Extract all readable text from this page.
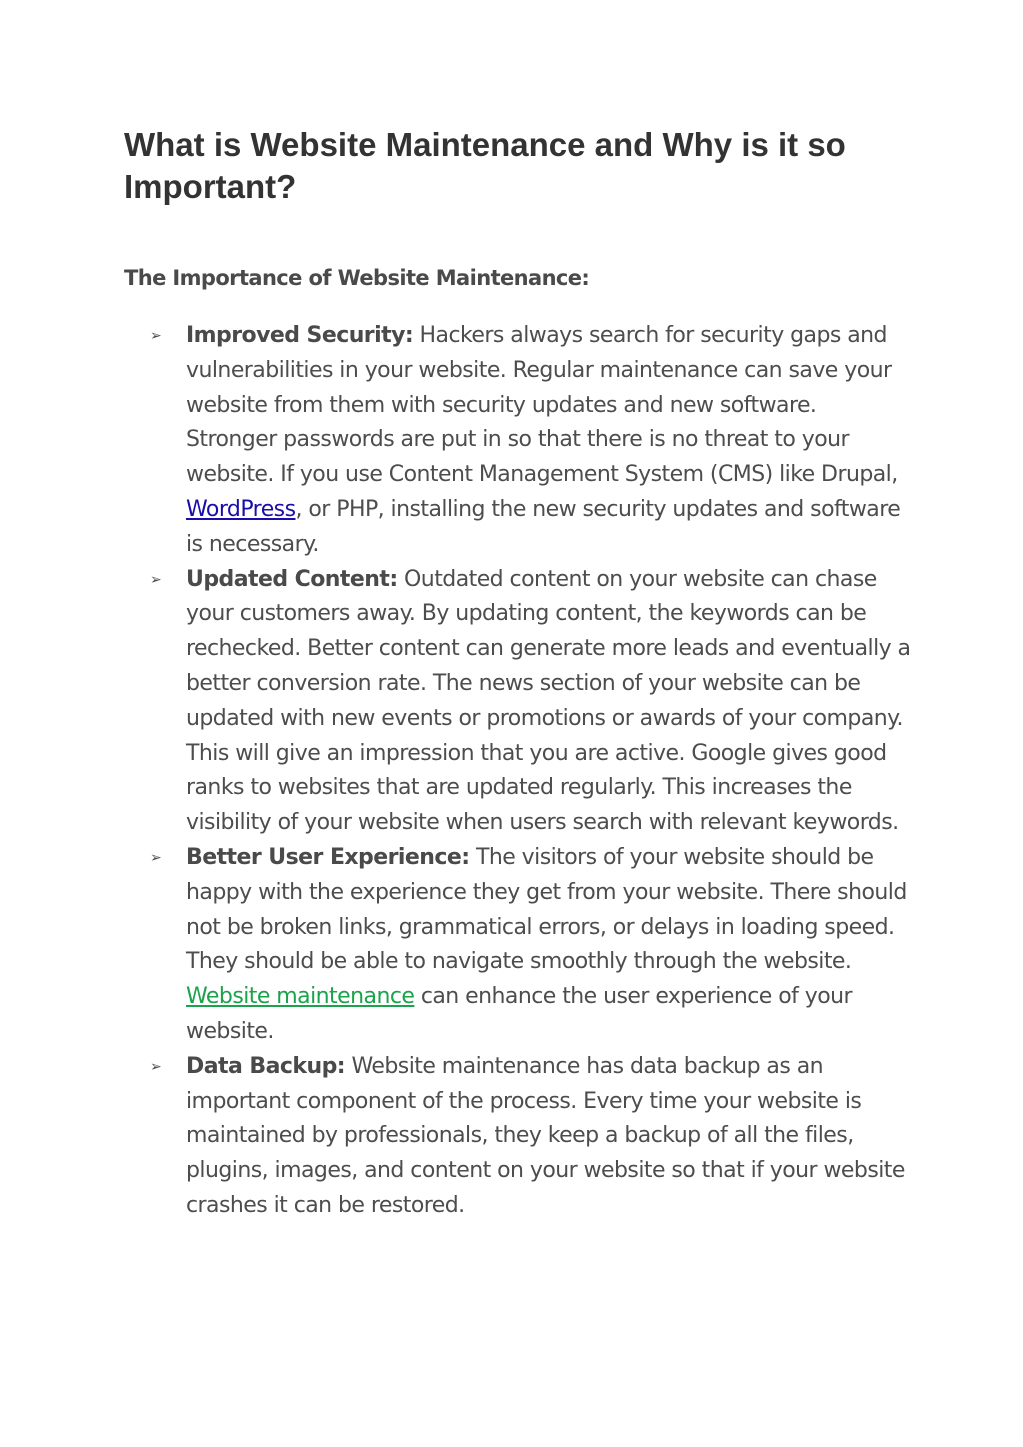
What is Website Maintenance and Why is it so Important?
The Importance of Website Maintenance:
➢	Improved Security: Hackers always search for security gaps and vulnerabilities in your website. Regular maintenance can save your website from them with security updates and new software. Stronger passwords are put in so that there is no threat to your website. If you use Content Management System (CMS) like Drupal, WordPress, or PHP, installing the new security updates and software is necessary.
➢	Updated Content: Outdated content on your website can chase your customers away. By updating content, the keywords can be rechecked. Better content can generate more leads and eventually a better conversion rate. The news section of your website can be updated with new events or promotions or awards of your company. This will give an impression that you are active. Google gives good ranks to websites that are updated regularly. This increases the visibility of your website when users search with relevant keywords.
➢	Better User Experience: The visitors of your website should be happy with the experience they get from your website. There should not be broken links, grammatical errors, or delays in loading speed. They should be able to navigate smoothly through the website. Website maintenance can enhance the user experience of your website.
➢	Data Backup: Website maintenance has data backup as an important component of the process. Every time your website is maintained by professionals, they keep a backup of all the files, plugins, images, and content on your website so that if your website crashes it can be restored.
